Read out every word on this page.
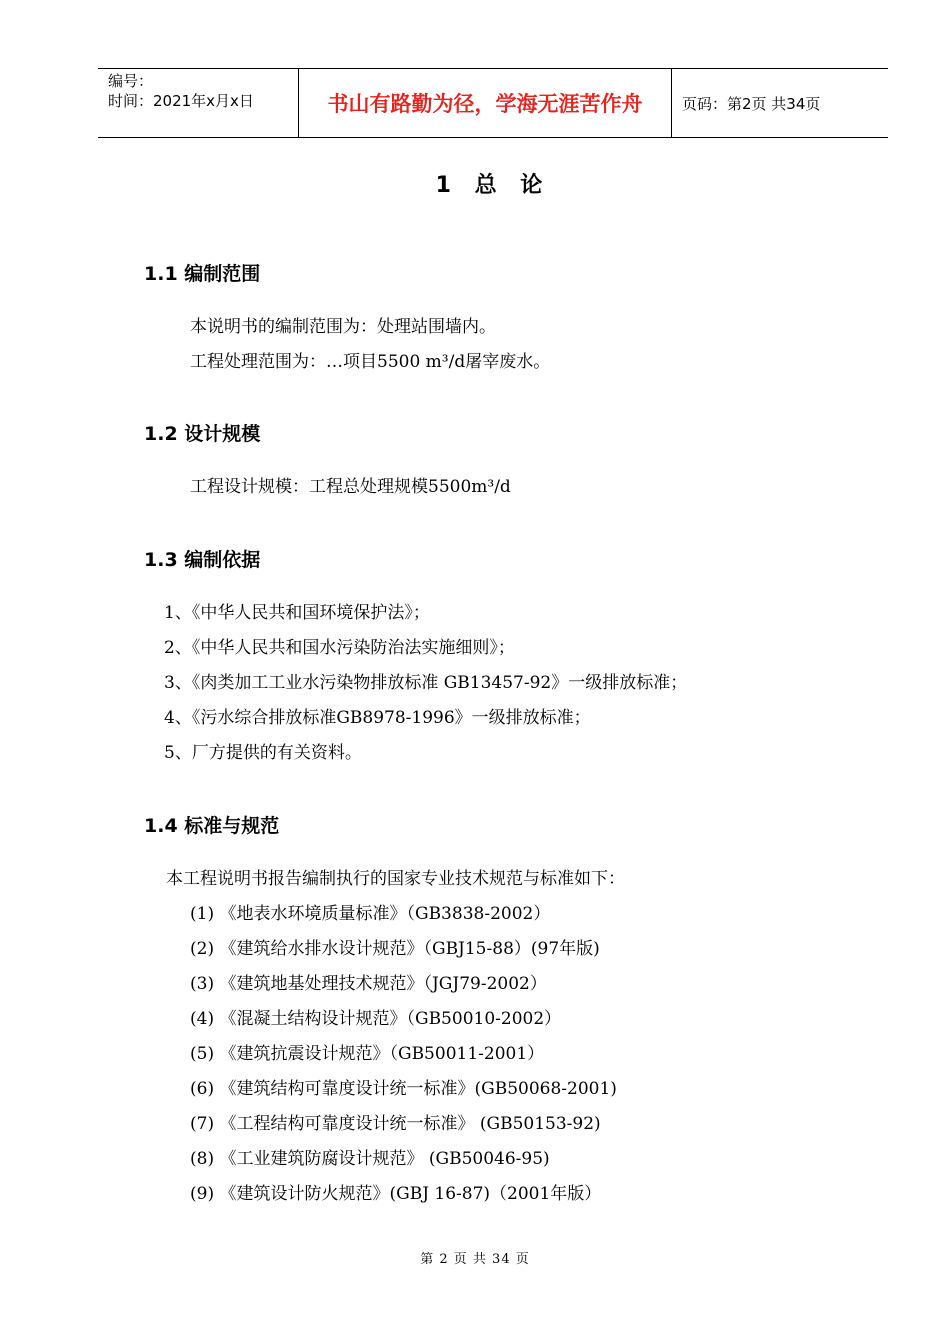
编号：
时间：2021年x月x日	书山有路勤为径，学海无涯苦作舟	页码：第2页 共34页
1 总 论
1.1 编制范围
本说明书的编制范围为：处理站围墙内。
工程处理范围为：…项目5500 m³/d屠宰废水。
1.2 设计规模
工程设计规模：工程总处理规模5500m³/d
1.3 编制依据
1、《中华人民共和国环境保护法》；
2、《中华人民共和国水污染防治法实施细则》；
3、《肉类加工工业水污染物排放标准 GB13457-92》一级排放标准；
4、《污水综合排放标准GB8978-1996》一级排放标准；
5、厂方提供的有关资料。
1.4 标准与规范
本工程说明书报告编制执行的国家专业技术规范与标准如下：
(1) 《地表水环境质量标准》（GB3838-2002）
(2) 《建筑给水排水设计规范》（GBJ15-88）(97年版)
(3) 《建筑地基处理技术规范》（JGJ79-2002）
(4) 《混凝土结构设计规范》（GB50010-2002）
(5) 《建筑抗震设计规范》（GB50011-2001）
(6) 《建筑结构可靠度设计统一标准》(GB50068-2001)
(7) 《工程结构可靠度设计统一标准》 (GB50153-92)
(8) 《工业建筑防腐设计规范》 (GB50046-95)
(9) 《建筑设计防火规范》(GBJ 16-87)（2001年版）
第 2 页 共 34 页
